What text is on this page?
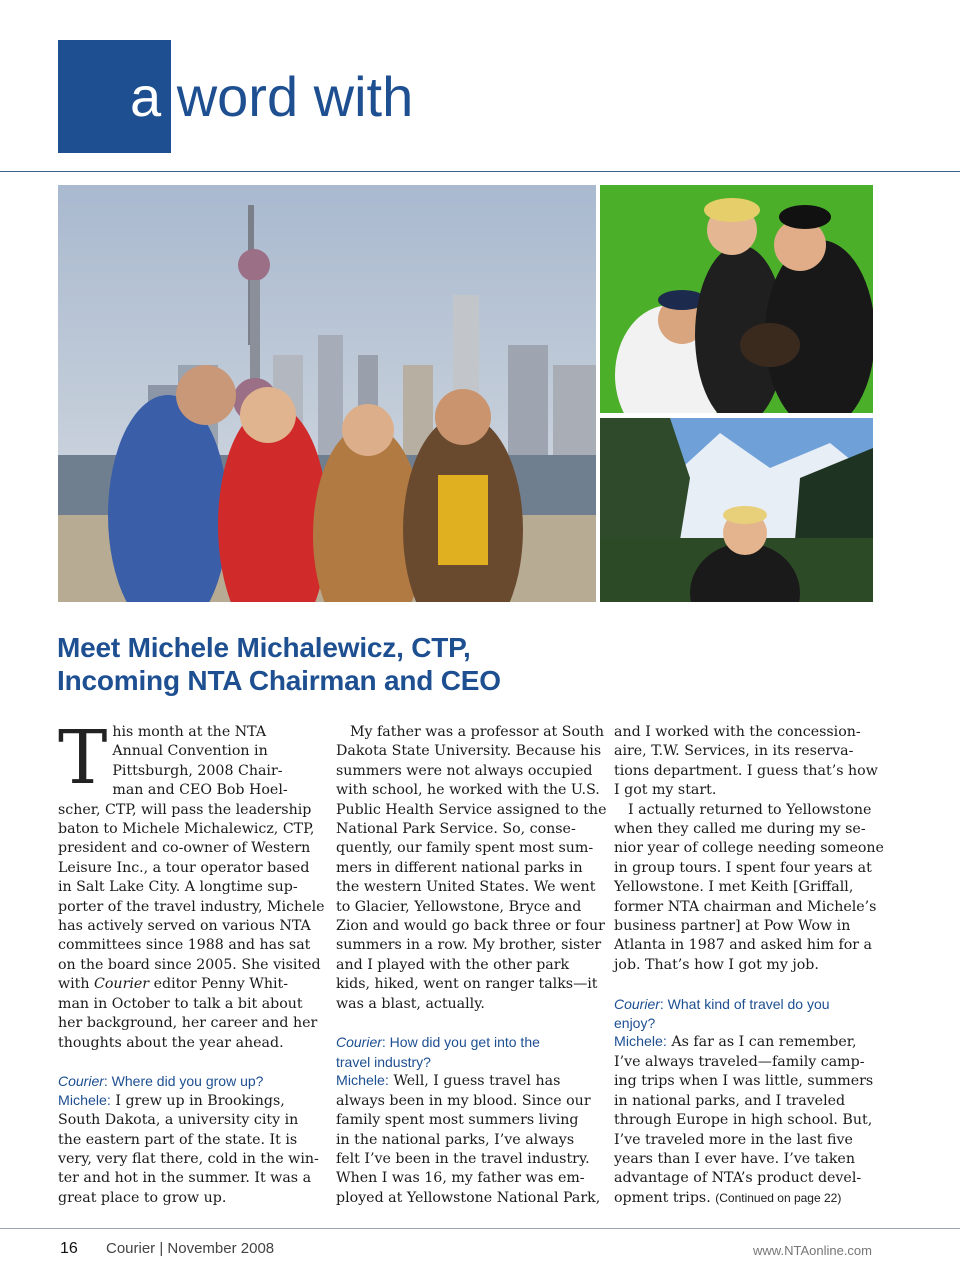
a word with
Meet Michele Michalewicz, CTP,
Incoming NTA Chairman and CEO
T his month at the NTA
Annual Convention in
Pittsburgh, 2008 Chair-
man and CEO Bob Hoel-
scher, CTP, will pass the leadership
baton to Michele Michalewicz, CTP,
president and co-owner of Western
Leisure Inc., a tour operator based
in Salt Lake City. A longtime sup-
porter of the travel industry, Michele
has actively served on various NTA
committees since 1988 and has sat
on the board since 2005. She visited
with Courier editor Penny Whit-
man in October to talk a bit about
her background, her career and her
thoughts about the year ahead.
Courier: Where did you grow up?
Michele: I grew up in Brookings,
South Dakota, a university city in
the eastern part of the state. It is
very, very flat there, cold in the win-
ter and hot in the summer. It was a
great place to grow up.
My father was a professor at South
Dakota State University. Because his
summers were not always occupied
with school, he worked with the U.S.
Public Health Service assigned to the
National Park Service. So, conse-
quently, our family spent most sum-
mers in different national parks in
the western United States. We went
to Glacier, Yellowstone, Bryce and
Zion and would go back three or four
summers in a row. My brother, sister
and I played with the other park
kids, hiked, went on ranger talks—it
was a blast, actually.
Courier: How did you get into the
travel industry?
Michele: Well, I guess travel has
always been in my blood. Since our
family spent most summers living
in the national parks, I’ve always
felt I’ve been in the travel industry.
When I was 16, my father was em-
ployed at Yellowstone National Park,
and I worked with the concession-
aire, T.W. Services, in its reserva-
tions department. I guess that’s how
I got my start.
I actually returned to Yellowstone
when they called me during my se-
nior year of college needing someone
in group tours. I spent four years at
Yellowstone. I met Keith [Griffall,
former NTA chairman and Michele’s
business partner] at Pow Wow in
Atlanta in 1987 and asked him for a
job. That’s how I got my job.
Courier: What kind of travel do you
enjoy?
Michele: As far as I can remember,
I’ve always traveled—family camp-
ing trips when I was little, summers
in national parks, and I traveled
through Europe in high school. But,
I’ve traveled more in the last five
years than I ever have. I’ve taken
advantage of NTA’s product devel-
opment trips. (Continued on page 22)
16 Courier | November 2008	www.NTAonline.com
